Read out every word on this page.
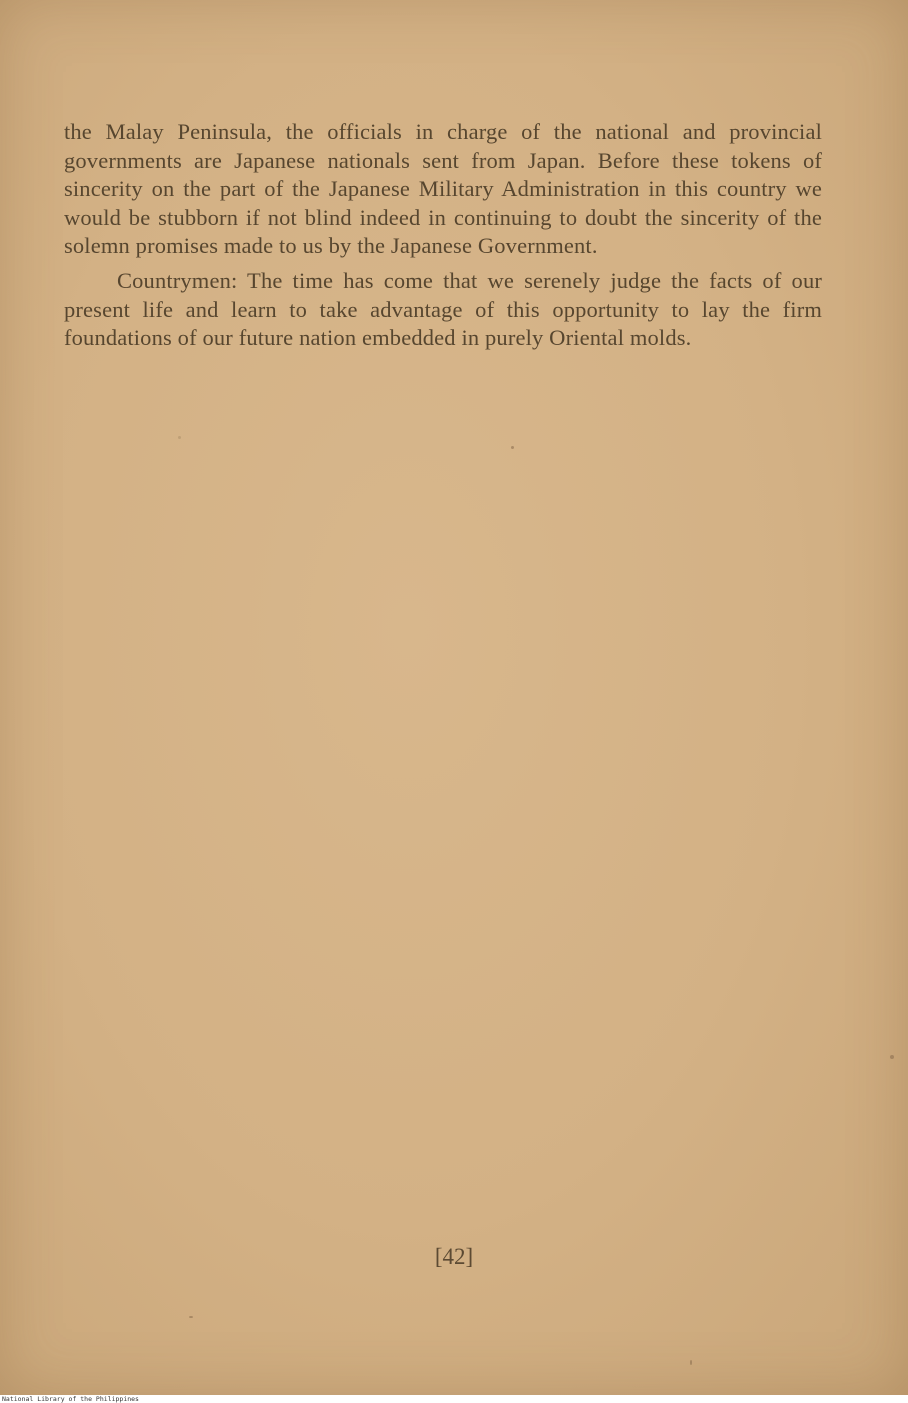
the Malay Peninsula, the officials in charge of the national and provincial governments are Japanese nationals sent from Japan. Before these tokens of sincerity on the part of the Japanese Military Administration in this country we would be stubborn if not blind indeed in continuing to doubt the sincerity of the solemn promises made to us by the Japanese Government.

Countrymen: The time has come that we serenely judge the facts of our present life and learn to take advantage of this opportunity to lay the firm foundations of our future nation embedded in purely Oriental molds.

[42]
National Library of the Philippines
